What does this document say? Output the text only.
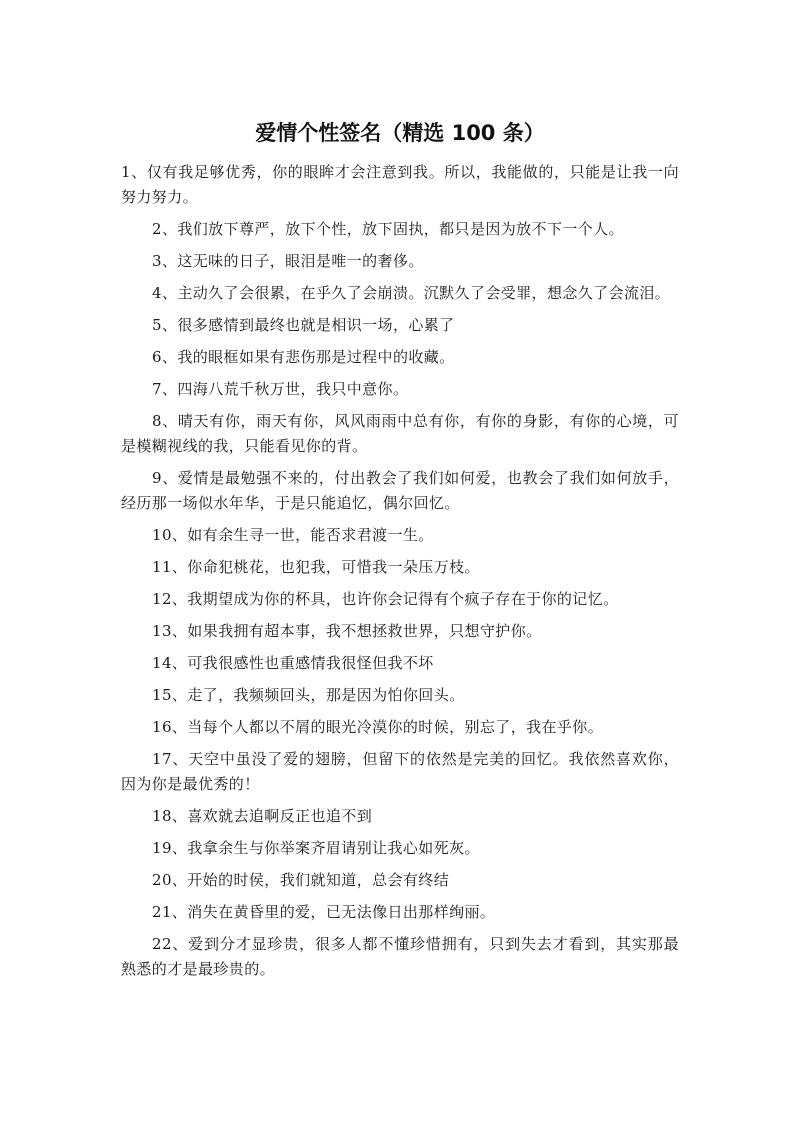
爱情个性签名（精选 100 条）
1、仅有我足够优秀，你的眼眸才会注意到我。所以，我能做的，只能是让我一向努力努力。
2、我们放下尊严，放下个性，放下固执，都只是因为放不下一个人。
3、这无味的日子，眼泪是唯一的奢侈。
4、主动久了会很累，在乎久了会崩溃。沉默久了会受罪，想念久了会流泪。
5、很多感情到最终也就是相识一场，心累了
6、我的眼框如果有悲伤那是过程中的收藏。
7、四海八荒千秋万世，我只中意你。
8、晴天有你，雨天有你，风风雨雨中总有你，有你的身影，有你的心境，可是模糊视线的我，只能看见你的背。
9、爱情是最勉强不来的，付出教会了我们如何爱，也教会了我们如何放手，经历那一场似水年华，于是只能追忆，偶尔回忆。
10、如有余生寻一世，能否求君渡一生。
11、你命犯桃花，也犯我，可惜我一朵压万枝。
12、我期望成为你的杯具，也许你会记得有个疯子存在于你的记忆。
13、如果我拥有超本事，我不想拯救世界，只想守护你。
14、可我很感性也重感情我很怪但我不坏
15、走了，我频频回头，那是因为怕你回头。
16、当每个人都以不屑的眼光冷漠你的时候，别忘了，我在乎你。
17、天空中虽没了爱的翅膀，但留下的依然是完美的回忆。我依然喜欢你，因为你是最优秀的！
18、喜欢就去追啊反正也追不到
19、我拿余生与你举案齐眉请别让我心如死灰。
20、开始的时侯，我们就知道，总会有终结
21、消失在黄昏里的爱，已无法像日出那样绚丽。
22、爱到分才显珍贵，很多人都不懂珍惜拥有，只到失去才看到，其实那最熟悉的才是最珍贵的。
